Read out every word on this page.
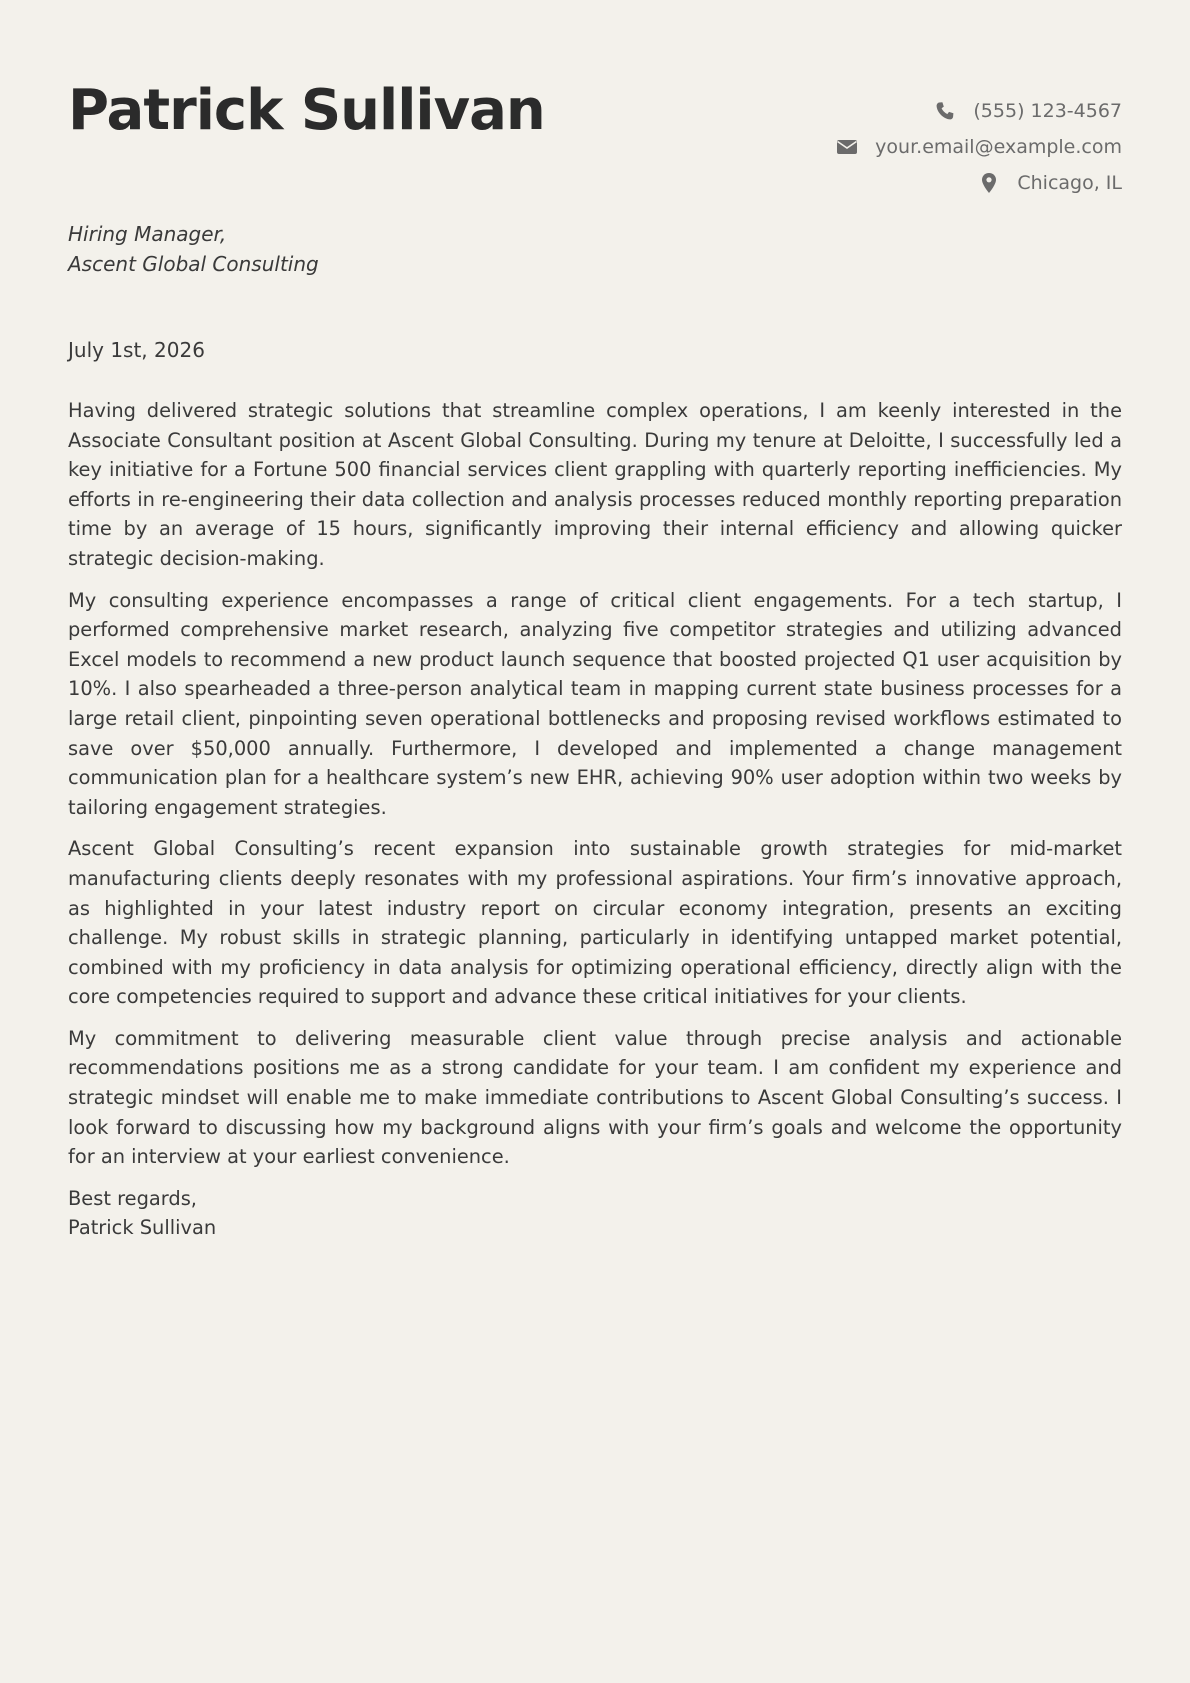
Patrick Sullivan	(555) 123-4567
your.email@example.com
Chicago, IL
Hiring Manager,
Ascent Global Consulting
July 1st, 2026

Having delivered strategic solutions that streamline complex operations, I am keenly interested in the Associate Consultant position at Ascent Global Consulting. During my tenure at Deloitte, I successfully led a key initiative for a Fortune 500 financial services client grappling with quarterly reporting inefficiencies. My efforts in re-engineering their data collection and analysis processes reduced monthly reporting preparation time by an average of 15 hours, significantly improving their internal efficiency and allowing quicker strategic decision-making.

My consulting experience encompasses a range of critical client engagements. For a tech startup, I performed comprehensive market research, analyzing five competitor strategies and utilizing advanced Excel models to recommend a new product launch sequence that boosted projected Q1 user acquisition by 10%. I also spearheaded a three-person analytical team in mapping current state business processes for a large retail client, pinpointing seven operational bottlenecks and proposing revised workflows estimated to save over $50,000 annually. Furthermore, I developed and implemented a change management communication plan for a healthcare system’s new EHR, achieving 90% user adoption within two weeks by tailoring engagement strategies.

Ascent Global Consulting’s recent expansion into sustainable growth strategies for mid-market manufacturing clients deeply resonates with my professional aspirations. Your firm’s innovative approach, as highlighted in your latest industry report on circular economy integration, presents an exciting challenge. My robust skills in strategic planning, particularly in identifying untapped market potential, combined with my proficiency in data analysis for optimizing operational efficiency, directly align with the core competencies required to support and advance these critical initiatives for your clients.

My commitment to delivering measurable client value through precise analysis and actionable recommendations positions me as a strong candidate for your team. I am confident my experience and strategic mindset will enable me to make immediate contributions to Ascent Global Consulting’s success. I look forward to discussing how my background aligns with your firm’s goals and welcome the opportunity for an interview at your earliest convenience.

Best regards,
Patrick Sullivan
